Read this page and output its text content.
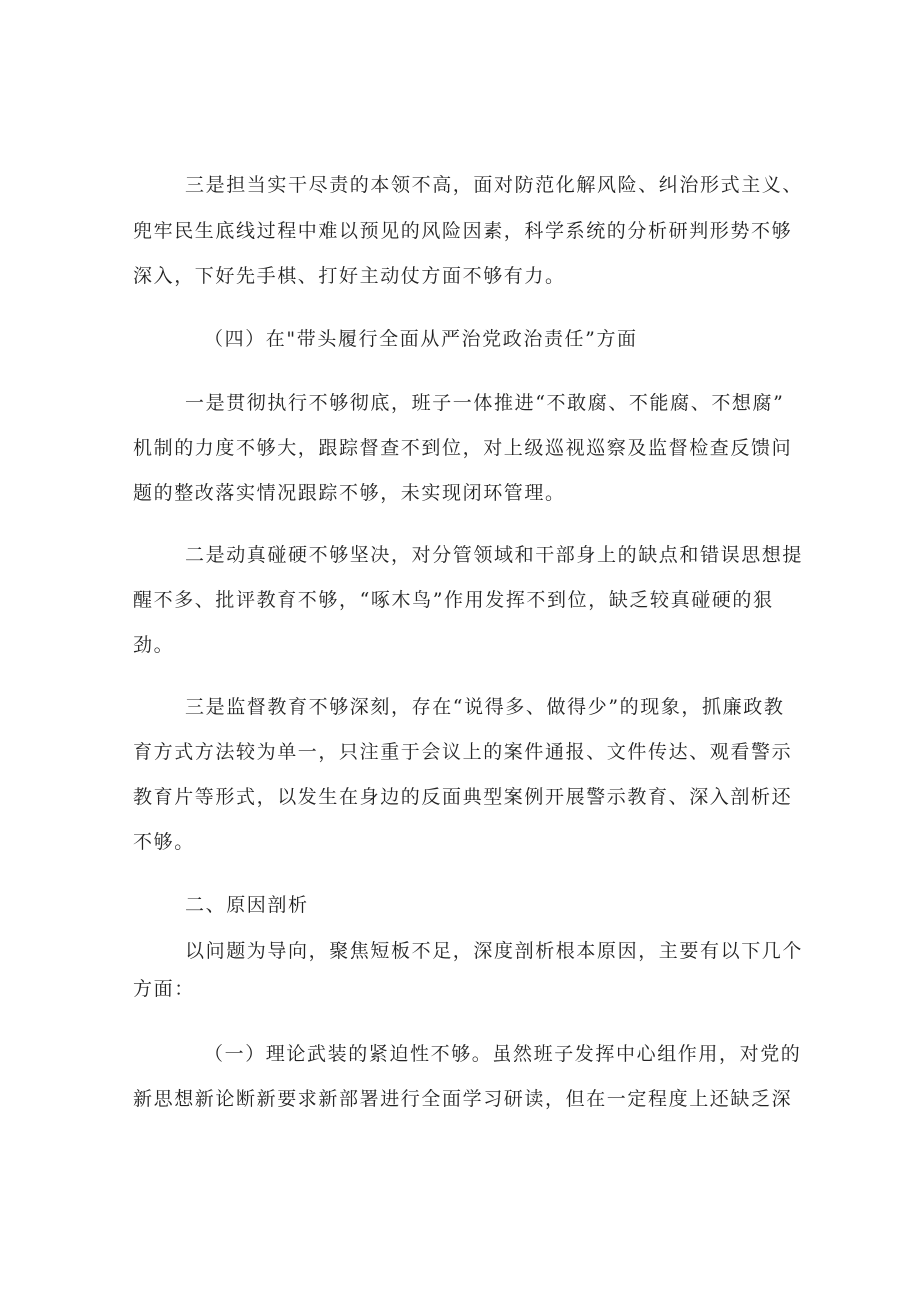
三是担当实干尽责的本领不高，面对防范化解风险、纠治形式主义、
兜牢民生底线过程中难以预见的风险因素，科学系统的分析研判形势不够
深入，下好先手棋、打好主动仗方面不够有力。
（四）在"带头履行全面从严治党政治责任”方面
一是贯彻执行不够彻底，班子一体推进“不敢腐、不能腐、不想腐”
机制的力度不够大，跟踪督查不到位，对上级巡视巡察及监督检查反馈问
题的整改落实情况跟踪不够，未实现闭环管理。
二是动真碰硬不够坚决，对分管领域和干部身上的缺点和错误思想提
醒不多、批评教育不够，“啄木鸟”作用发挥不到位，缺乏较真碰硬的狠
劲。
三是监督教育不够深刻，存在“说得多、做得少”的现象，抓廉政教
育方式方法较为单一，只注重于会议上的案件通报、文件传达、观看警示
教育片等形式，以发生在身边的反面典型案例开展警示教育、深入剖析还
不够。
二、原因剖析
以问题为导向，聚焦短板不足，深度剖析根本原因，主要有以下几个
方面：
（一）理论武装的紧迫性不够。虽然班子发挥中心组作用，对党的
新思想新论断新要求新部署进行全面学习研读，但在一定程度上还缺乏深
